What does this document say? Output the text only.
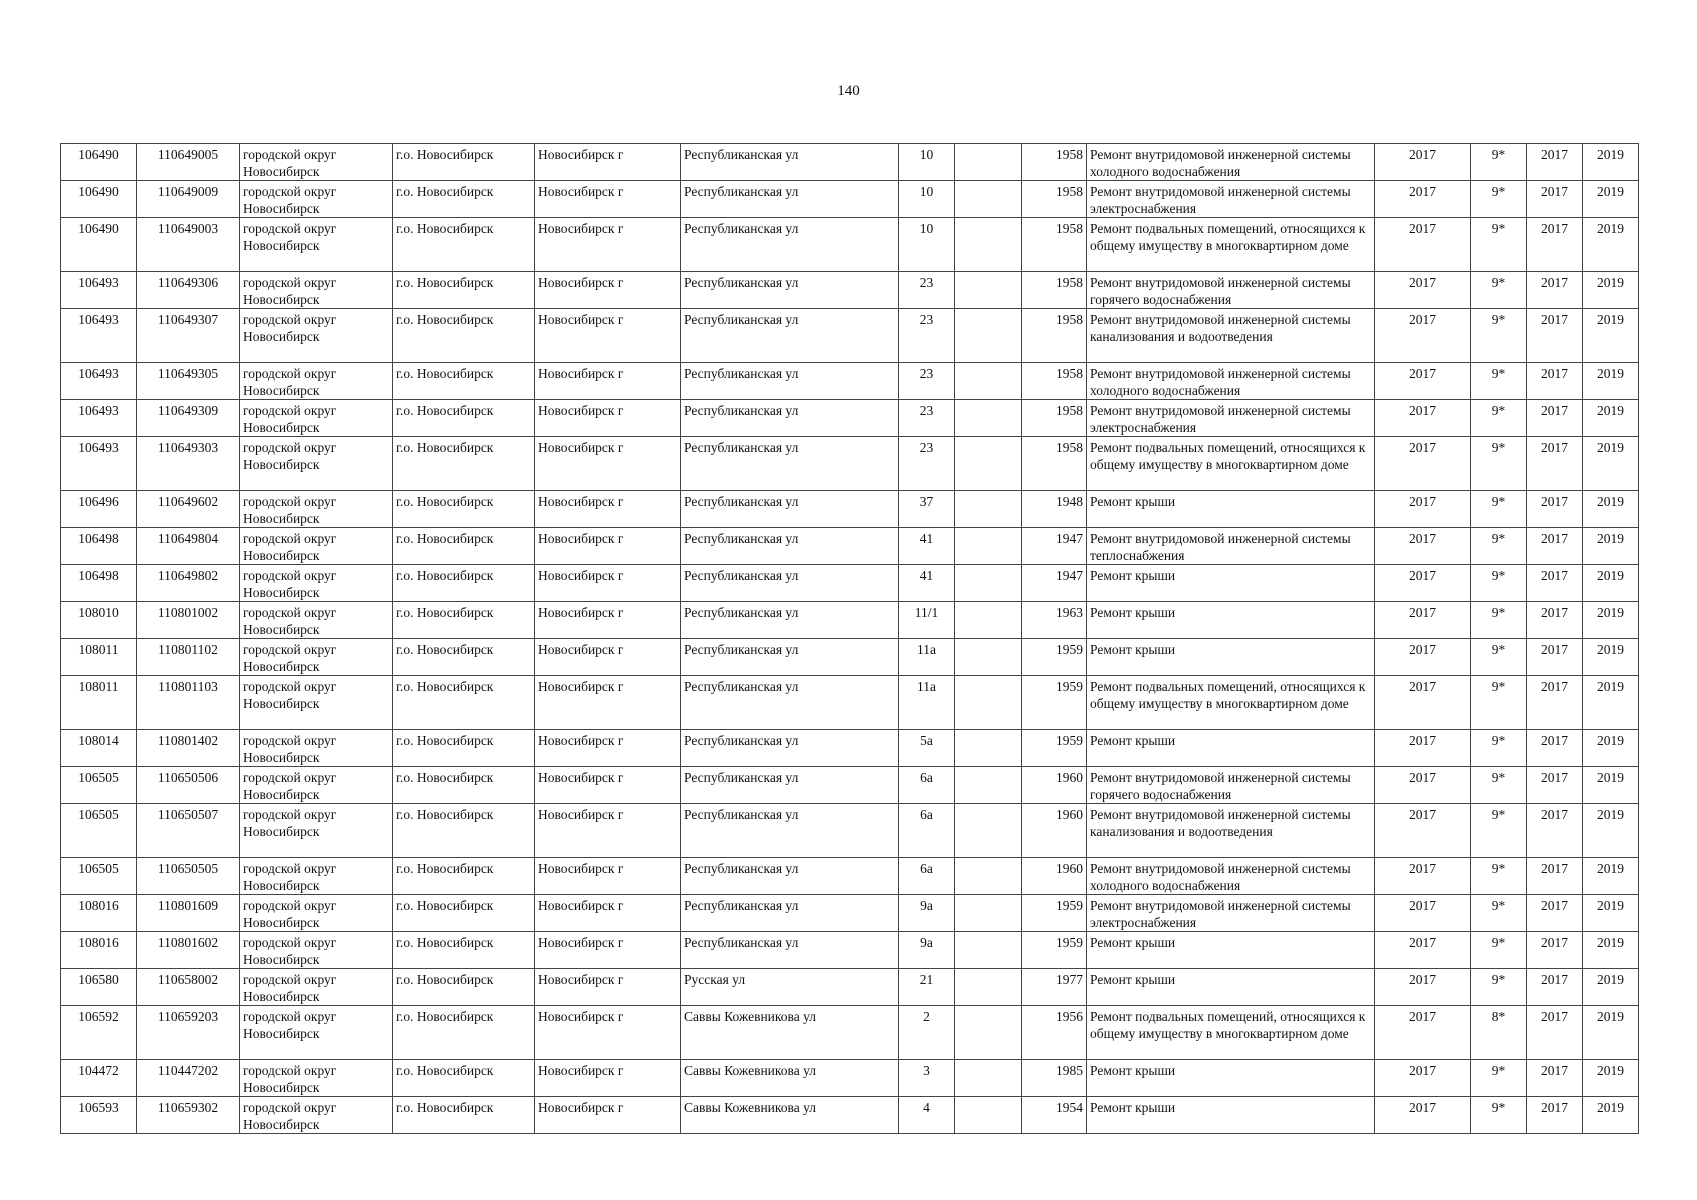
140
106490	110649005	городской округ Новосибирск	г.о. Новосибирск	Новосибирск г	Республиканская ул	10		1958	Ремонт внутридомовой инженерной системы холодного водоснабжения	2017	9*	2017	2019
106490	110649009	городской округ Новосибирск	г.о. Новосибирск	Новосибирск г	Республиканская ул	10		1958	Ремонт внутридомовой инженерной системы электроснабжения	2017	9*	2017	2019
106490	110649003	городской округ Новосибирск	г.о. Новосибирск	Новосибирск г	Республиканская ул	10		1958	Ремонт подвальных помещений, относящихся к общему имуществу в многоквартирном доме	2017	9*	2017	2019
106493	110649306	городской округ Новосибирск	г.о. Новосибирск	Новосибирск г	Республиканская ул	23		1958	Ремонт внутридомовой инженерной системы горячего водоснабжения	2017	9*	2017	2019
106493	110649307	городской округ Новосибирск	г.о. Новосибирск	Новосибирск г	Республиканская ул	23		1958	Ремонт внутридомовой инженерной системы канализования и водоотведения	2017	9*	2017	2019
106493	110649305	городской округ Новосибирск	г.о. Новосибирск	Новосибирск г	Республиканская ул	23		1958	Ремонт внутридомовой инженерной системы холодного водоснабжения	2017	9*	2017	2019
106493	110649309	городской округ Новосибирск	г.о. Новосибирск	Новосибирск г	Республиканская ул	23		1958	Ремонт внутридомовой инженерной системы электроснабжения	2017	9*	2017	2019
106493	110649303	городской округ Новосибирск	г.о. Новосибирск	Новосибирск г	Республиканская ул	23		1958	Ремонт подвальных помещений, относящихся к общему имуществу в многоквартирном доме	2017	9*	2017	2019
106496	110649602	городской округ Новосибирск	г.о. Новосибирск	Новосибирск г	Республиканская ул	37		1948	Ремонт крыши	2017	9*	2017	2019
106498	110649804	городской округ Новосибирск	г.о. Новосибирск	Новосибирск г	Республиканская ул	41		1947	Ремонт внутридомовой инженерной системы теплоснабжения	2017	9*	2017	2019
106498	110649802	городской округ Новосибирск	г.о. Новосибирск	Новосибирск г	Республиканская ул	41		1947	Ремонт крыши	2017	9*	2017	2019
108010	110801002	городской округ Новосибирск	г.о. Новосибирск	Новосибирск г	Республиканская ул	11/1		1963	Ремонт крыши	2017	9*	2017	2019
108011	110801102	городской округ Новосибирск	г.о. Новосибирск	Новосибирск г	Республиканская ул	11а		1959	Ремонт крыши	2017	9*	2017	2019
108011	110801103	городской округ Новосибирск	г.о. Новосибирск	Новосибирск г	Республиканская ул	11а		1959	Ремонт подвальных помещений, относящихся к общему имуществу в многоквартирном доме	2017	9*	2017	2019
108014	110801402	городской округ Новосибирск	г.о. Новосибирск	Новосибирск г	Республиканская ул	5а		1959	Ремонт крыши	2017	9*	2017	2019
106505	110650506	городской округ Новосибирск	г.о. Новосибирск	Новосибирск г	Республиканская ул	6а		1960	Ремонт внутридомовой инженерной системы горячего водоснабжения	2017	9*	2017	2019
106505	110650507	городской округ Новосибирск	г.о. Новосибирск	Новосибирск г	Республиканская ул	6а		1960	Ремонт внутридомовой инженерной системы канализования и водоотведения	2017	9*	2017	2019
106505	110650505	городской округ Новосибирск	г.о. Новосибирск	Новосибирск г	Республиканская ул	6а		1960	Ремонт внутридомовой инженерной системы холодного водоснабжения	2017	9*	2017	2019
108016	110801609	городской округ Новосибирск	г.о. Новосибирск	Новосибирск г	Республиканская ул	9а		1959	Ремонт внутридомовой инженерной системы электроснабжения	2017	9*	2017	2019
108016	110801602	городской округ Новосибирск	г.о. Новосибирск	Новосибирск г	Республиканская ул	9а		1959	Ремонт крыши	2017	9*	2017	2019
106580	110658002	городской округ Новосибирск	г.о. Новосибирск	Новосибирск г	Русская ул	21		1977	Ремонт крыши	2017	9*	2017	2019
106592	110659203	городской округ Новосибирск	г.о. Новосибирск	Новосибирск г	Саввы Кожевникова ул	2		1956	Ремонт подвальных помещений, относящихся к общему имуществу в многоквартирном доме	2017	8*	2017	2019
104472	110447202	городской округ Новосибирск	г.о. Новосибирск	Новосибирск г	Саввы Кожевникова ул	3		1985	Ремонт крыши	2017	9*	2017	2019
106593	110659302	городской округ Новосибирск	г.о. Новосибирск	Новосибирск г	Саввы Кожевникова ул	4		1954	Ремонт крыши	2017	9*	2017	2019
